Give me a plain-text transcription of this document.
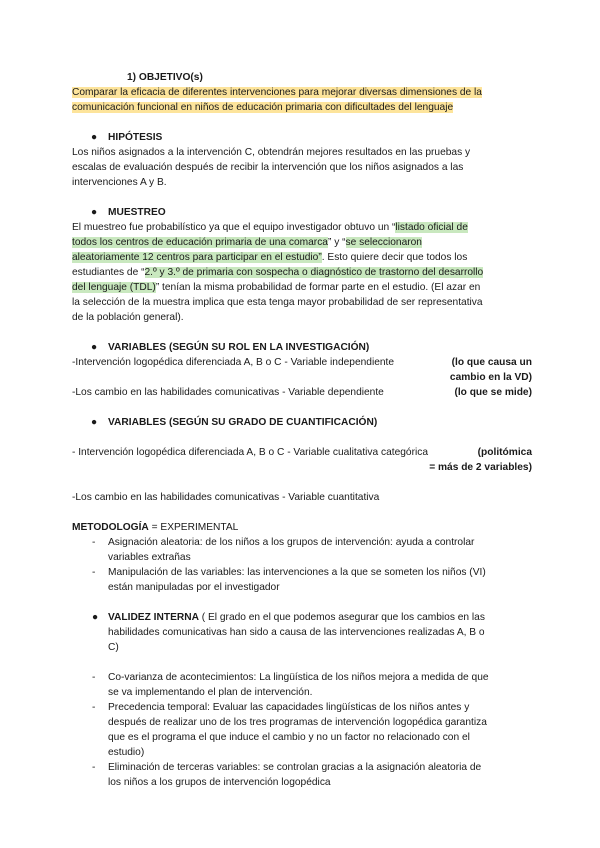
1) OBJETIVO(s)
Comparar la eficacia de diferentes intervenciones para mejorar diversas dimensiones de la
comunicación funcional en niños de educación primaria con dificultades del lenguaje
● HIPÓTESIS
Los niños asignados a la intervención C, obtendrán mejores resultados en las pruebas y
escalas de evaluación después de recibir la intervención que los niños asignados a las
intervenciones A y B.
● MUESTREO
El muestreo fue probabilístico ya que el equipo investigador obtuvo un “listado oficial de
todos los centros de educación primaria de una comarca” y “se seleccionaron
aleatoriamente 12 centros para participar en el estudio”. Esto quiere decir que todos los
estudiantes de “2.º y 3.º de primaria con sospecha o diagnóstico de trastorno del desarrollo
del lenguaje (TDL)” tenían la misma probabilidad de formar parte en el estudio. (El azar en
la selección de la muestra implica que esta tenga mayor probabilidad de ser representativa
de la población general).
● VARIABLES (SEGÚN SU ROL EN LA INVESTIGACIÓN)
-Intervención logopédica diferenciada A, B o C - Variable independiente	(lo que causa un
cambio en la VD)
-Los cambio en las habilidades comunicativas - Variable dependiente	(lo que se mide)
● VARIABLES (SEGÚN SU GRADO DE CUANTIFICACIÓN)
- Intervención logopédica diferenciada A, B o C - Variable cualitativa categórica	(politómica
= más de 2 variables)
-Los cambio en las habilidades comunicativas - Variable cuantitativa
METODOLOGÍA = EXPERIMENTAL
- Asignación aleatoria: de los niños a los grupos de intervención: ayuda a controlar
variables extrañas
- Manipulación de las variables: las intervenciones a la que se someten los niños (VI)
están manipuladas por el investigador
● VALIDEZ INTERNA ( El grado en el que podemos asegurar que los cambios en las
habilidades comunicativas han sido a causa de las intervenciones realizadas A, B o
C)
- Co-varianza de acontecimientos: La lingüística de los niños mejora a medida de que
se va implementando el plan de intervención.
- Precedencia temporal: Evaluar las capacidades lingüísticas de los niños antes y
después de realizar uno de los tres programas de intervención logopédica garantiza
que es el programa el que induce el cambio y no un factor no relacionado con el
estudio)
- Eliminación de terceras variables: se controlan gracias a la asignación aleatoria de
los niños a los grupos de intervención logopédica
